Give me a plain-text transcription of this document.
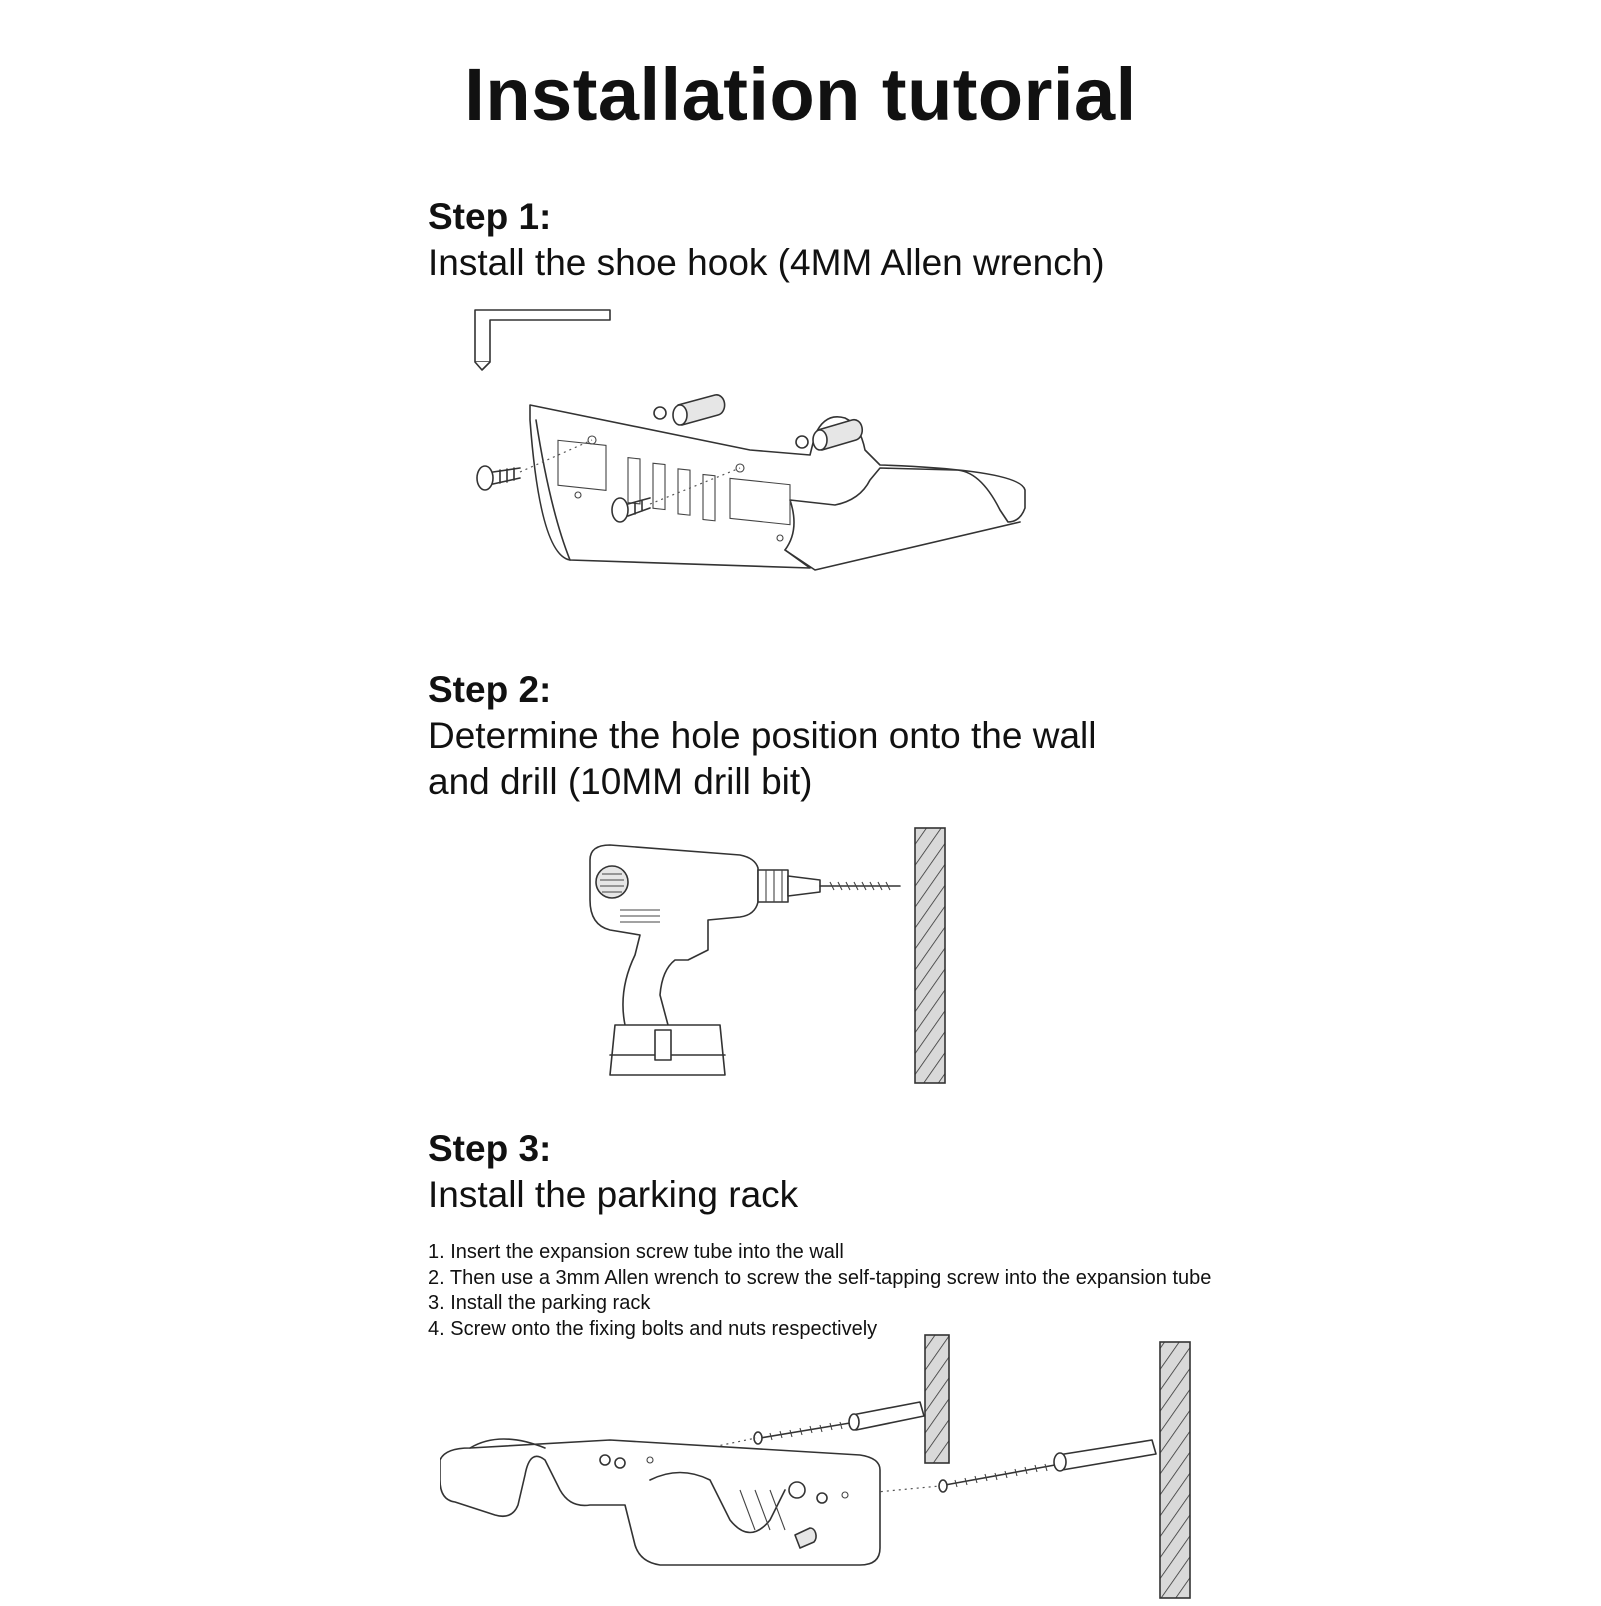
Installation tutorial

Step 1:

Install the shoe hook (4MM Allen wrench)

Step 2:

Determine the hole position onto the wall

and drill (10MM drill bit)

Step 3:

Install the parking rack

1. Insert the expansion screw tube into the wall
2. Then use a 3mm Allen wrench to screw the self-tapping screw into the expansion tube
3. Install the parking rack
4. Screw onto the fixing bolts and nuts respectively
